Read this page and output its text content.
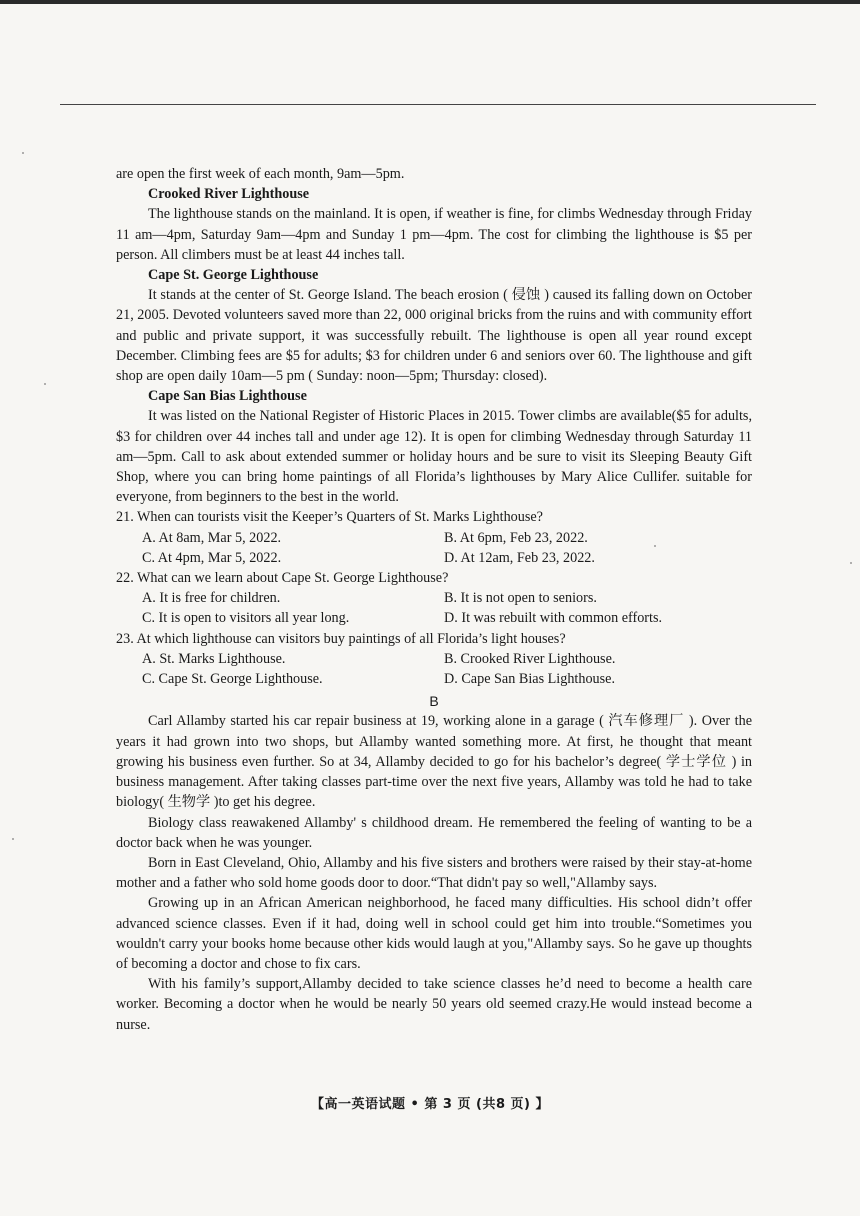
are open the first week of each month, 9am—5pm.

Crooked River Lighthouse

The lighthouse stands on the mainland. It is open, if weather is fine, for climbs Wednesday through Friday 11 am—4pm, Saturday 9am—4pm and Sunday 1 pm—4pm. The cost for climbing the lighthouse is $5 per person. All climbers must be at least 44 inches tall.

Cape St. George Lighthouse

It stands at the center of St. George Island. The beach erosion ( 侵蚀 ) caused its falling down on October 21, 2005. Devoted volunteers saved more than 22, 000 original bricks from the ruins and with community effort and public and private support, it was successfully rebuilt. The lighthouse is open all year round except December. Climbing fees are $5 for adults; $3 for children under 6 and seniors over 60. The lighthouse and gift shop are open daily 10am—5 pm ( Sunday: noon—5pm; Thursday: closed).

Cape San Bias Lighthouse

It was listed on the National Register of Historic Places in 2015. Tower climbs are available($5 for adults, $3 for children over 44 inches tall and under age 12). It is open for climbing Wednesday through Saturday 11 am—5pm. Call to ask about extended summer or holiday hours and be sure to visit its Sleeping Beauty Gift Shop, where you can bring home paintings of all Florida’s lighthouses by Mary Alice Cullifer. suitable for everyone, from beginners to the best in the world.

21. When can tourists visit the Keeper’s Quarters of St. Marks Lighthouse?

A. At 8am, Mar 5, 2022.	B. At 6pm, Feb 23, 2022.
C. At 4pm, Mar 5, 2022.	D. At 12am, Feb 23, 2022.

22. What can we learn about Cape St. George Lighthouse?

A. It is free for children.	B. It is not open to seniors.
C. It is open to visitors all year long.	D. It was rebuilt with common efforts.

23. At which lighthouse can visitors buy paintings of all Florida’s light houses?

A. St. Marks Lighthouse.	B. Crooked River Lighthouse.
C. Cape St. George Lighthouse.	D. Cape San Bias Lighthouse.

B

Carl Allamby started his car repair business at 19, working alone in a garage ( 汽车修理厂 ). Over the years it had grown into two shops, but Allamby wanted something more. At first, he thought that meant growing his business even further. So at 34, Allamby decided to go for his bachelor’s degree( 学士学位 ) in business management. After taking classes part-time over the next five years, Allamby was told he had to take biology( 生物学 )to get his degree.

Biology class reawakened Allamby' s childhood dream. He remembered the feeling of wanting to be a doctor back when he was younger.

Born in East Cleveland, Ohio, Allamby and his five sisters and brothers were raised by their stay-at-home mother and a father who sold home goods door to door.“That didn't pay so well,"Allamby says.

Growing up in an African American neighborhood, he faced many difficulties. His school didn’t offer advanced science classes. Even if it had, doing well in school could get him into trouble.“Sometimes you wouldn't carry your books home because other kids would laugh at you,"Allamby says. So he gave up thoughts of becoming a doctor and chose to fix cars.

With his family’s support,Allamby decided to take science classes he’d need to become a health care worker. Becoming a doctor when he would be nearly 50 years old seemed crazy.He would instead become a nurse.

【高一英语试题 • 第 3 页 (共8 页) 】
